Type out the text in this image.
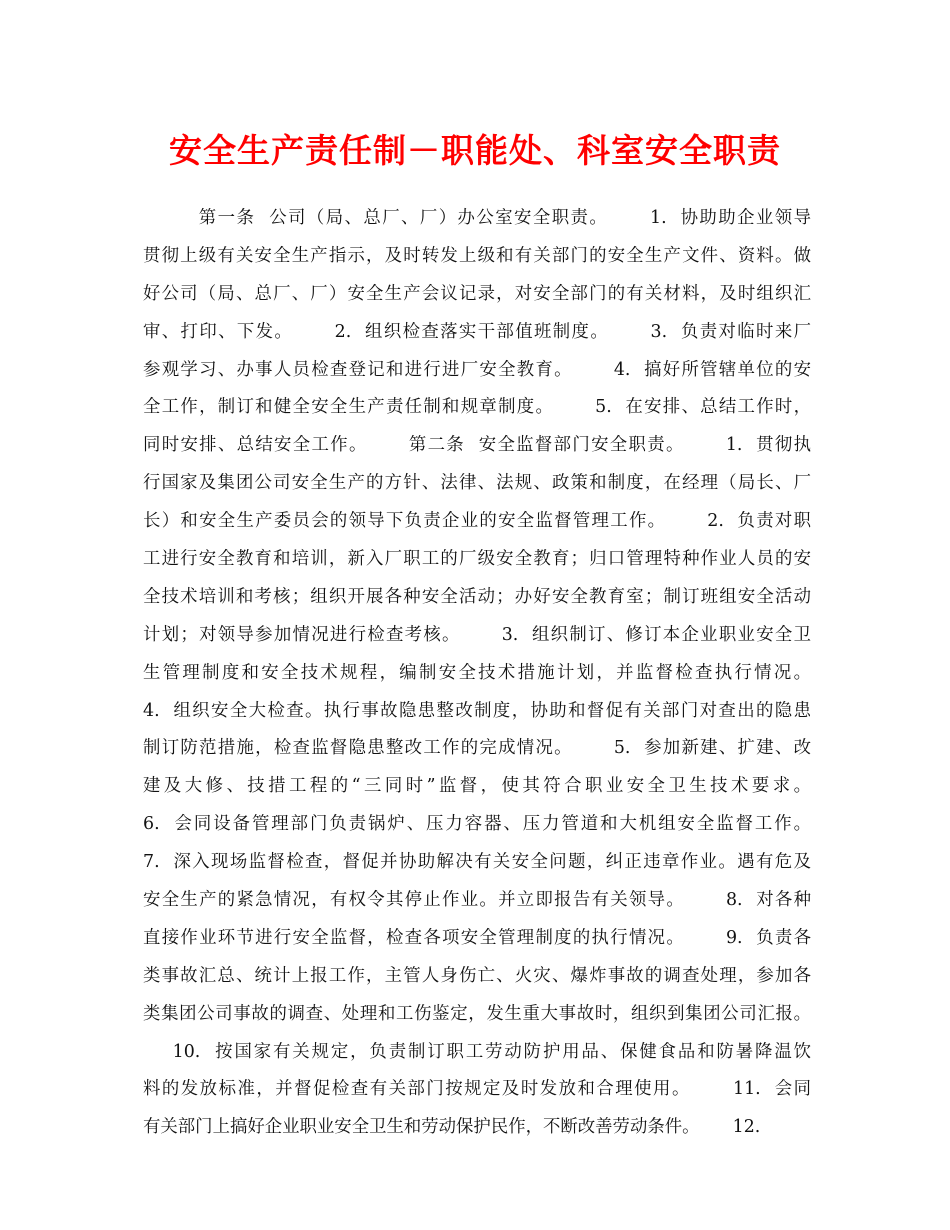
安全生产责任制－职能处、科室安全职责
第一条  公司（局、总厂、厂）办公室安全职责。      1.  协助助企业领导
贯彻上级有关安全生产指示，及时转发上级和有关部门的安全生产文件、资料。做
好公司（局、总厂、厂）安全生产会议记录，对安全部门的有关材料，及时组织汇
审、打印、下发。      2.  组织检查落实干部值班制度。      3.  负责对临时来厂
参观学习、办事人员检查登记和进行进厂安全教育。      4.  搞好所管辖单位的安
全工作，制订和健全安全生产责任制和规章制度。      5.  在安排、总结工作时，
同时安排、总结安全工作。      第二条  安全监督部门安全职责。      1.  贯彻执
行国家及集团公司安全生产的方针、法律、法规、政策和制度，在经理（局长、厂
长）和安全生产委员会的领导下负责企业的安全监督管理工作。      2.  负责对职
工进行安全教育和培训，新入厂职工的厂级安全教育；归口管理特种作业人员的安
全技术培训和考核；组织开展各种安全活动；办好安全教育室；制订班组安全活动
计划；对领导参加情况进行检查考核。      3.  组织制订、修订本企业职业安全卫
生管理制度和安全技术规程，编制安全技术措施计划，并监督检查执行情况。
4.  组织安全大检查。执行事故隐患整改制度，协助和督促有关部门对查出的隐患
制订防范措施，检查监督隐患整改工作的完成情况。      5.  参加新建、扩建、改
建及大修、技措工程的“三同时”监督，使其符合职业安全卫生技术要求。
6.  会同设备管理部门负责锅炉、压力容器、压力管道和大机组安全监督工作。
7.  深入现场监督检查，督促并协助解决有关安全问题，纠正违章作业。遇有危及
安全生产的紧急情况，有权令其停止作业。并立即报告有关领导。      8.  对各种
直接作业环节进行安全监督，检查各项安全管理制度的执行情况。      9.  负责各
类事故汇总、统计上报工作，主管人身伤亡、火灾、爆炸事故的调查处理，参加各
类集团公司事故的调查、处理和工伤鉴定，发生重大事故时，组织到集团公司汇报。
10.  按国家有关规定，负责制订职工劳动防护用品、保健食品和防暑降温饮
料的发放标准，并督促检查有关部门按规定及时发放和合理使用。      11.  会同
有关部门上搞好企业职业安全卫生和劳动保护民作，不断改善劳动条件。      12.
